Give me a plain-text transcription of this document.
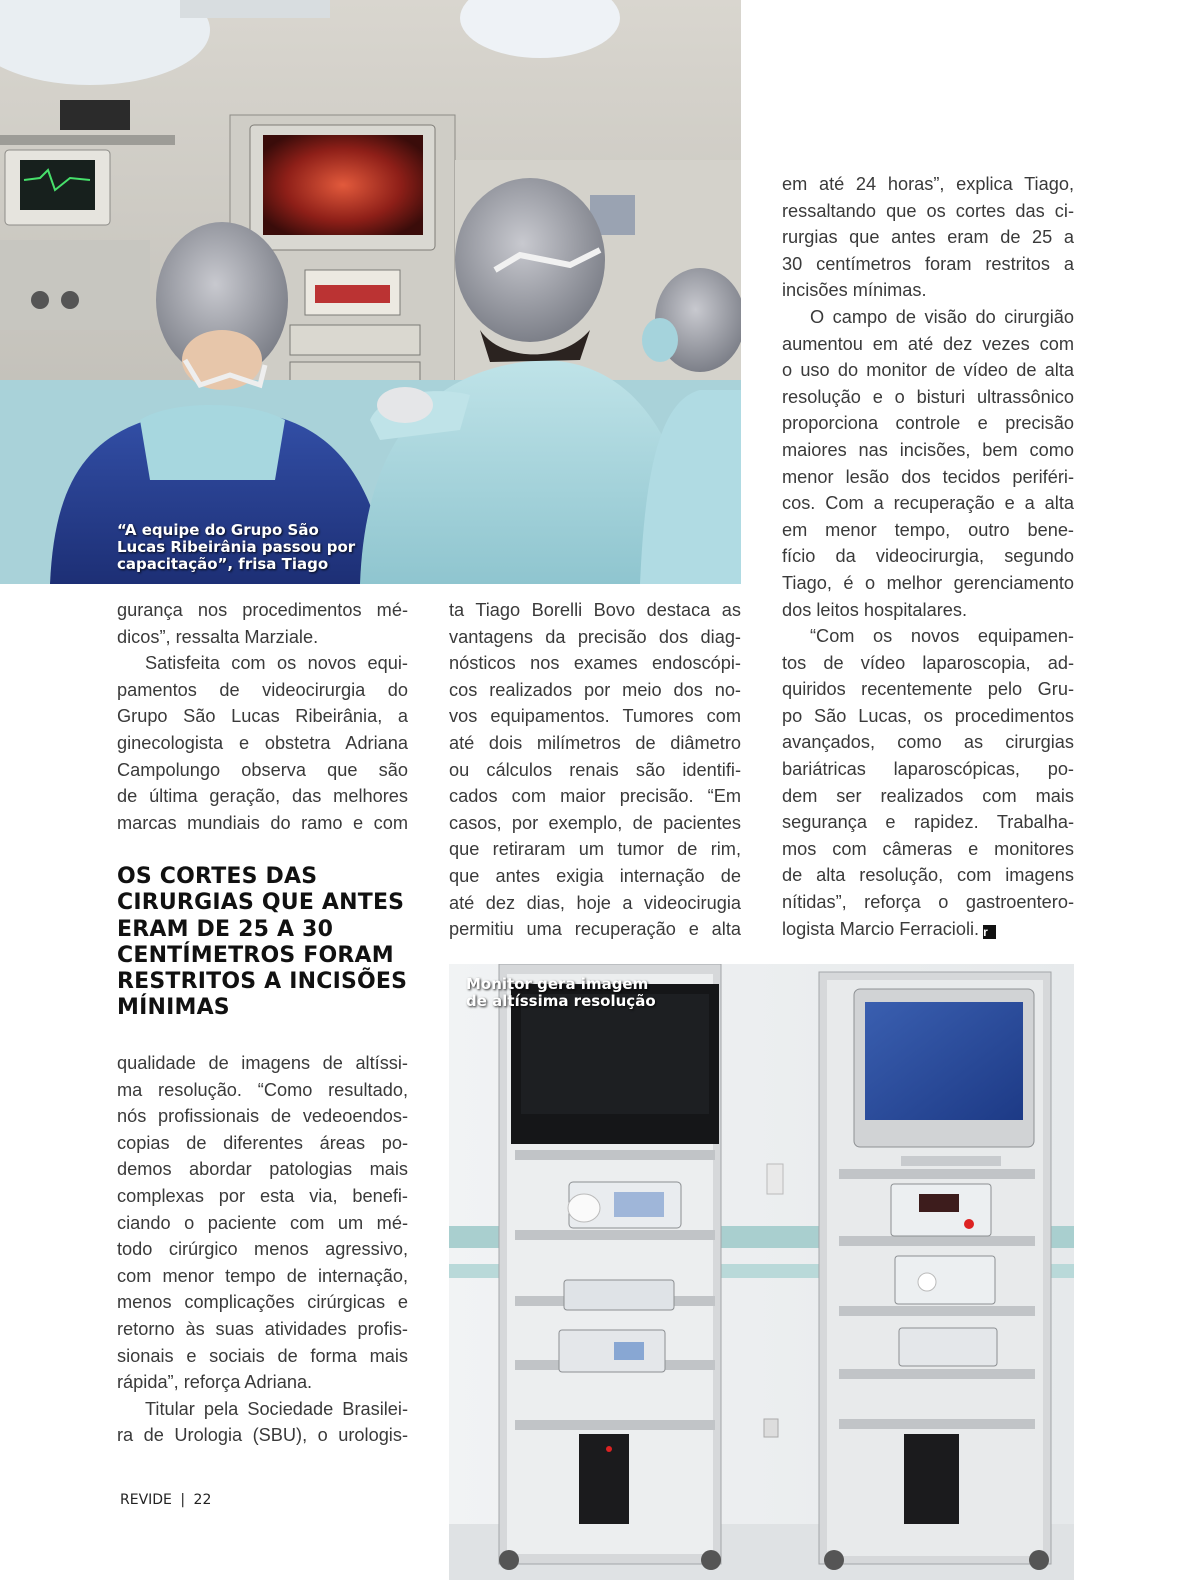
“A equipe do Grupo São
Lucas Ribeirânia passou por
capacitação”, frisa Tiago

gurança nos procedimentos mé-

dicos”, ressalta Marziale.

Satisfeita com os novos equi-

pamentos de videocirurgia do

Grupo São Lucas Ribeirânia, a

ginecologista e obstetra Adriana

Campolungo observa que são

de última geração, das melhores

marcas mundiais do ramo e com

OS CORTES DAS
CIRURGIAS QUE ANTES
ERAM DE 25 A 30
CENTÍMETROS FORAM
RESTRITOS A INCISÕES
MÍNIMAS

qualidade de imagens de altíssi-

ma resolução. “Como resultado,

nós profissionais de vedeoendos-

copias de diferentes áreas po-

demos abordar patologias mais

complexas por esta via, benefi-

ciando o paciente com um mé-

todo cirúrgico menos agressivo,

com menor tempo de internação,

menos complicações cirúrgicas e

retorno às suas atividades profis-

sionais e sociais de forma mais

rápida”, reforça Adriana.

Titular pela Sociedade Brasilei-

ra de Urologia (SBU), o urologis-

ta Tiago Borelli Bovo destaca as

vantagens da precisão dos diag-

nósticos nos exames endoscópi-

cos realizados por meio dos no-

vos equipamentos. Tumores com

até dois milímetros de diâmetro

ou cálculos renais são identifi-

cados com maior precisão. “Em

casos, por exemplo, de pacientes

que retiraram um tumor de rim,

que antes exigia internação de

até dez dias, hoje a videocirugia

permitiu uma recuperação e alta

em até 24 horas”, explica Tiago,

ressaltando que os cortes das ci-

rurgias que antes eram de 25 a

30 centímetros foram restritos a

incisões mínimas.

O campo de visão do cirurgião

aumentou em até dez vezes com

o uso do monitor de vídeo de alta

resolução e o bisturi ultrassônico

proporciona controle e precisão

maiores nas incisões, bem como

menor lesão dos tecidos periféri-

cos. Com a recuperação e a alta

em menor tempo, outro bene-

fício da videocirurgia, segundo

Tiago, é o melhor gerenciamento

dos leitos hospitalares.

“Com os novos equipamen-

tos de vídeo laparoscopia, ad-

quiridos recentemente pelo Gru-

po São Lucas, os procedimentos

avançados, como as cirurgias

bariátricas laparoscópicas, po-

dem ser realizados com mais

segurança e rapidez. Trabalha-

mos com câmeras e monitores

de alta resolução, com imagens

nítidas”, reforça o gastroentero-

logista Marcio Ferracioli. r

Monitor gera imagem
de altíssima resolução
REVIDE | 22
